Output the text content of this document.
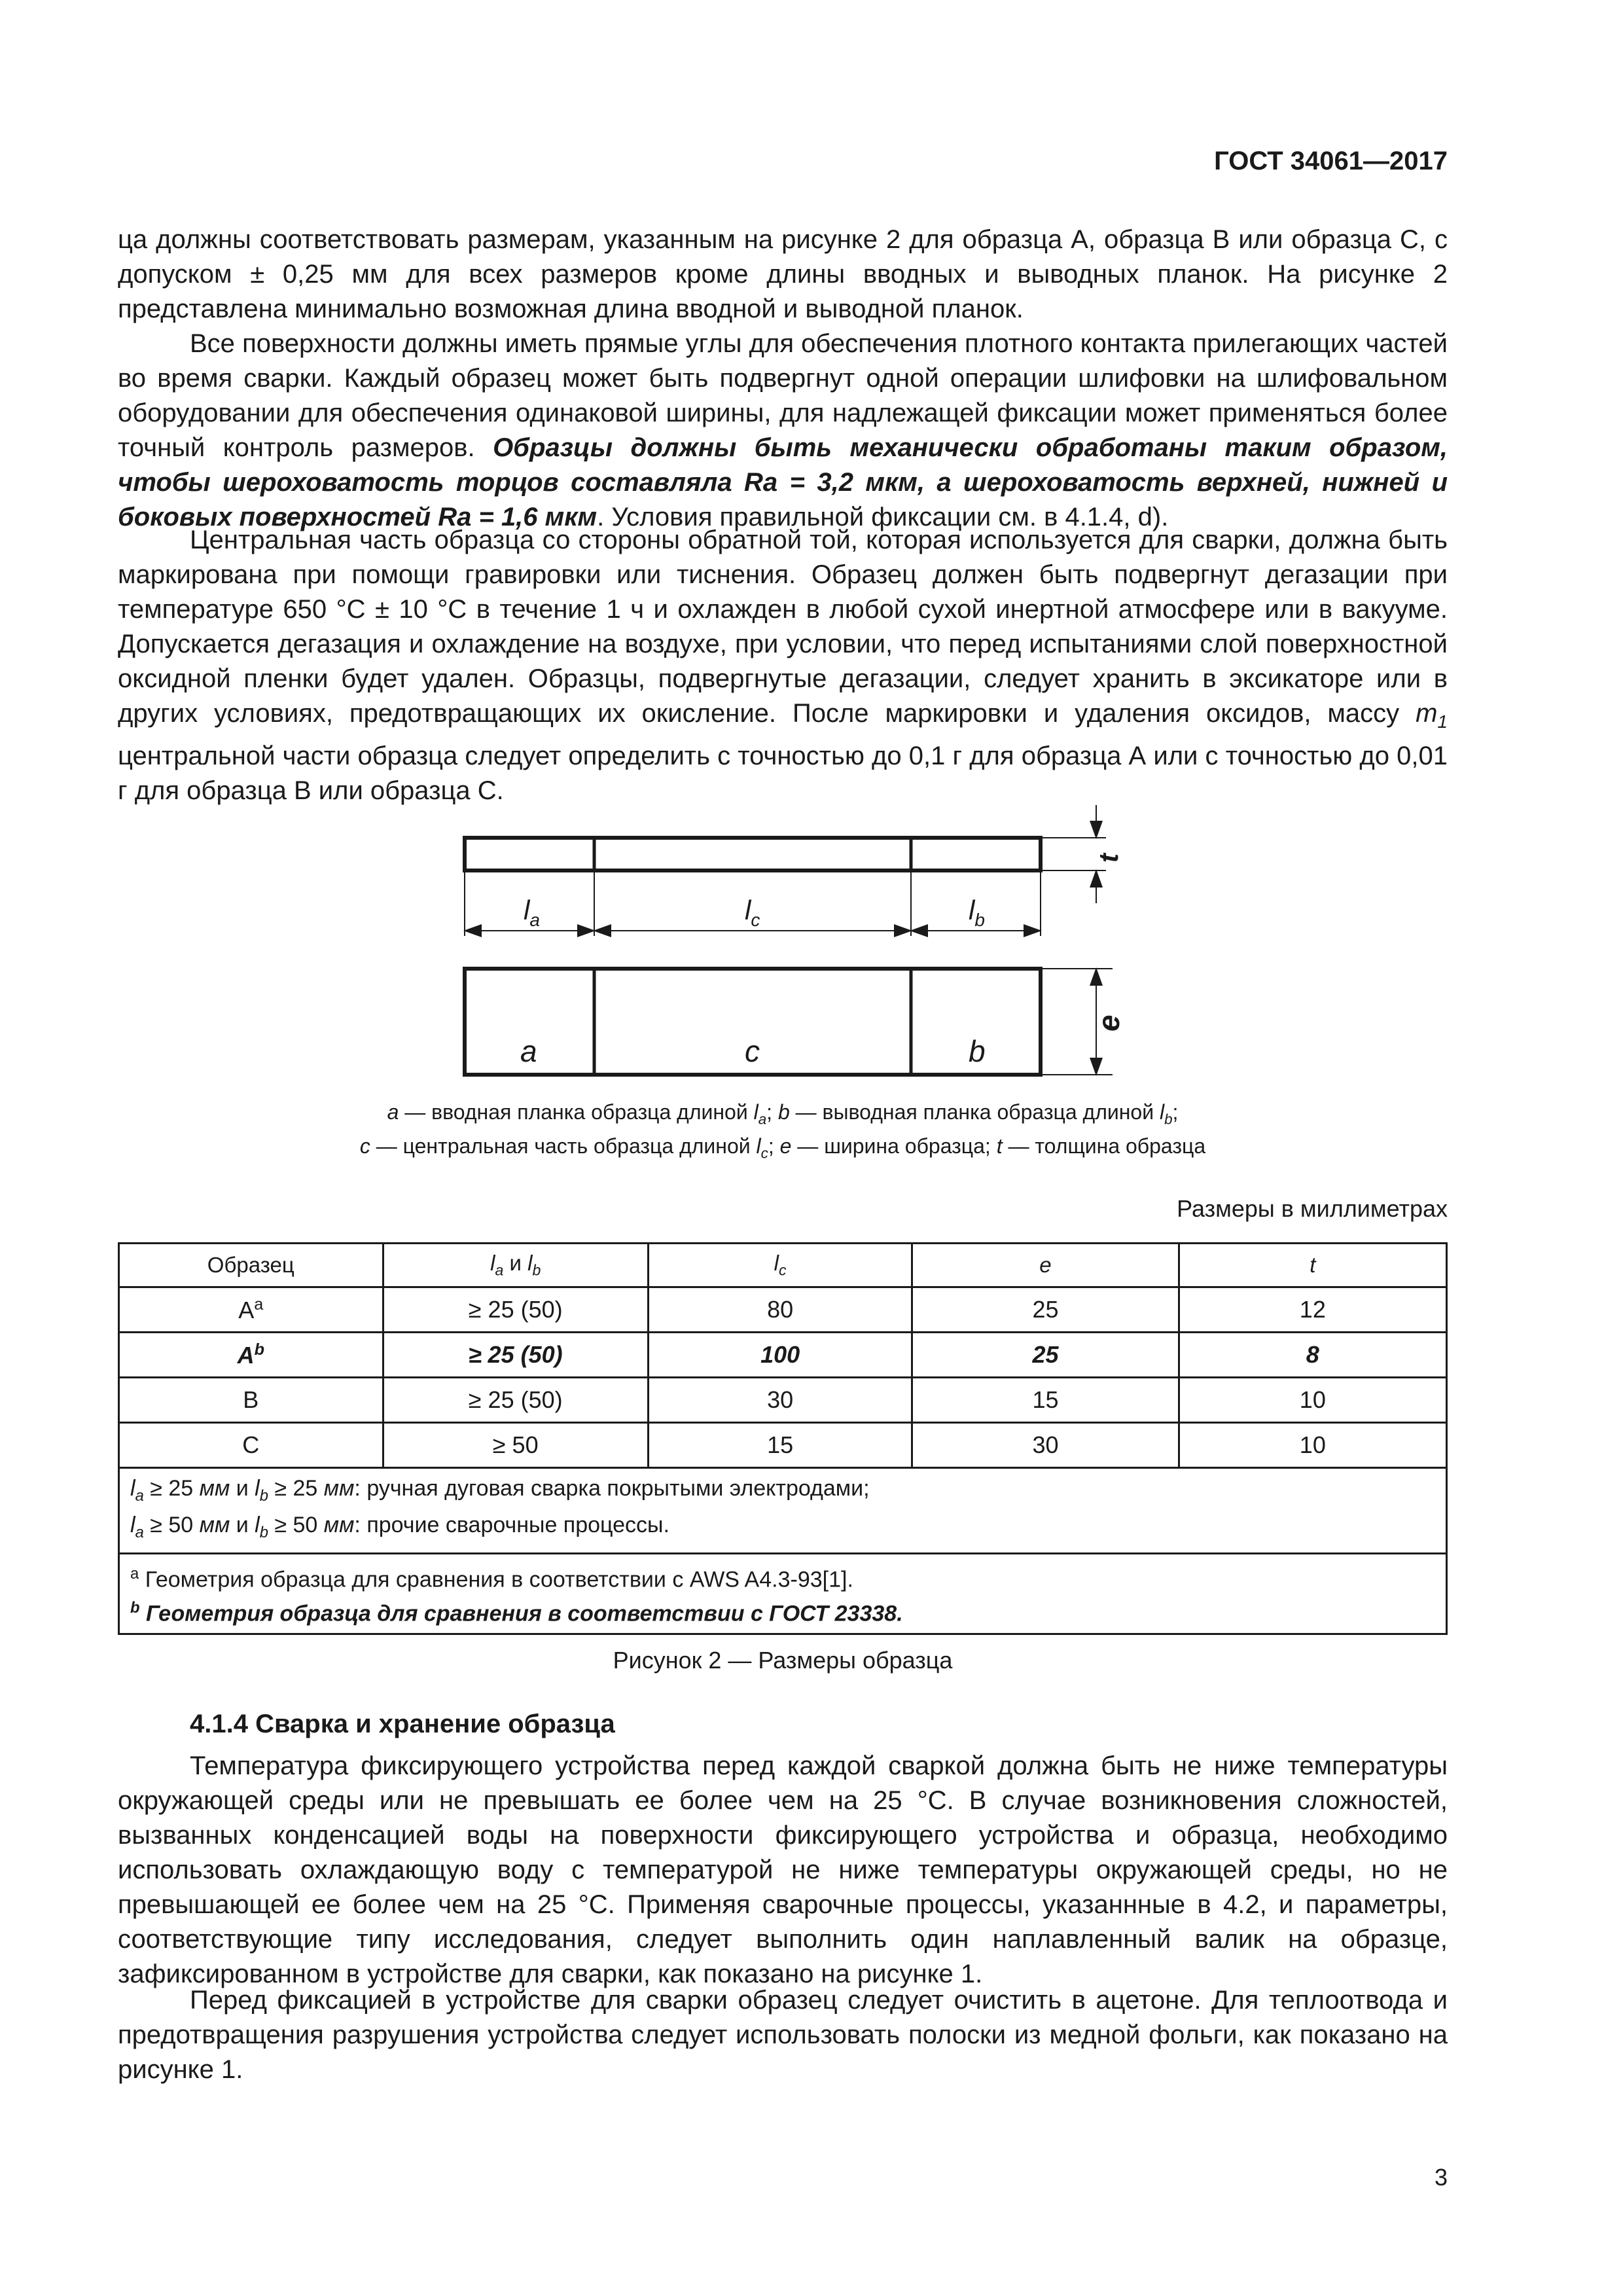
ГОСТ 34061—2017

ца должны соответствовать размерам, указанным на рисунке 2 для образца А, образца В или образца С, с допуском ± 0,25 мм для всех размеров кроме длины вводных и выводных планок. На рисунке 2 представлена минимально возможная длина вводной и выводной планок.

Все поверхности должны иметь прямые углы для обеспечения плотного контакта прилегающих частей во время сварки. Каждый образец может быть подвергнут одной операции шлифовки на шлифовальном оборудовании для обеспечения одинаковой ширины, для надлежащей фиксации может применяться более точный контроль размеров. Образцы должны быть механически обработаны таким образом, чтобы шероховатость торцов составляла Ra = 3,2 мкм, а шероховатость верхней, нижней и боковых поверхностей Ra = 1,6 мкм. Условия правильной фиксации см. в 4.1.4, d).

Центральная часть образца со стороны обратной той, которая используется для сварки, должна быть маркирована при помощи гравировки или тиснения. Образец должен быть подвергнут дегазации при температуре 650 °С ± 10 °С в течение 1 ч и охлажден в любой сухой инертной атмосфере или в вакууме. Допускается дегазация и охлаждение на воздухе, при условии, что перед испытаниями слой поверхностной оксидной пленки будет удален. Образцы, подвергнутые дегазации, следует хранить в эксикаторе или в других условиях, предотвращающих их окисление. После маркировки и удаления оксидов, массу $m_1$ центральной части образца следует определить с точностью до 0,1 г для образца А или с точностью до 0,01 г для образца В или образца С.

$l_a$	$l_c$	$l_b$
t
a	c	b
e
a — вводная планка образца длиной $l_a$; b — выводная планка образца длиной $l_b$;
c — центральная часть образца длиной $l_c$; e — ширина образца; t — толщина образца
Размеры в миллиметрах
Образец	$l_a$ и $l_b$	$l_c$	e	t
$A^a$	≥ 25 (50)	80	25	12
$A^b$	≥ 25 (50)	100	25	8
B	≥ 25 (50)	30	15	10
C	≥ 50	15	30	10

$l_a \ge 25$ мм и $l_b \ge 25$ мм: ручная дуговая сварка покрытыми электродами;
$l_a \ge 50$ мм и $l_b \ge 50$ мм: прочие сварочные процессы.				

$^a$ Геометрия образца для сравнения в соответствии с AWS A4.3-93[1].
$^b$ Геометрия образца для сравнения в соответствии с ГОСТ 23338.				
Рисунок 2 — Размеры образца
4.1.4 Сварка и хранение образца

Температура фиксирующего устройства перед каждой сваркой должна быть не ниже температуры окружающей среды или не превышать ее более чем на 25 °С. В случае возникновения сложностей, вызванных конденсацией воды на поверхности фиксирующего устройства и образца, необходимо использовать охлаждающую воду с температурой не ниже температуры окружающей среды, но не превышающей ее более чем на 25 °С. Применяя сварочные процессы, указаннные в 4.2, и параметры, соответствующие типу исследования, следует выполнить один наплавленный валик на образце, зафиксированном в устройстве для сварки, как показано на рисунке 1.

Перед фиксацией в устройстве для сварки образец следует очистить в ацетоне. Для теплоотвода и предотвращения разрушения устройства следует использовать полоски из медной фольги, как показано на рисунке 1.

3
